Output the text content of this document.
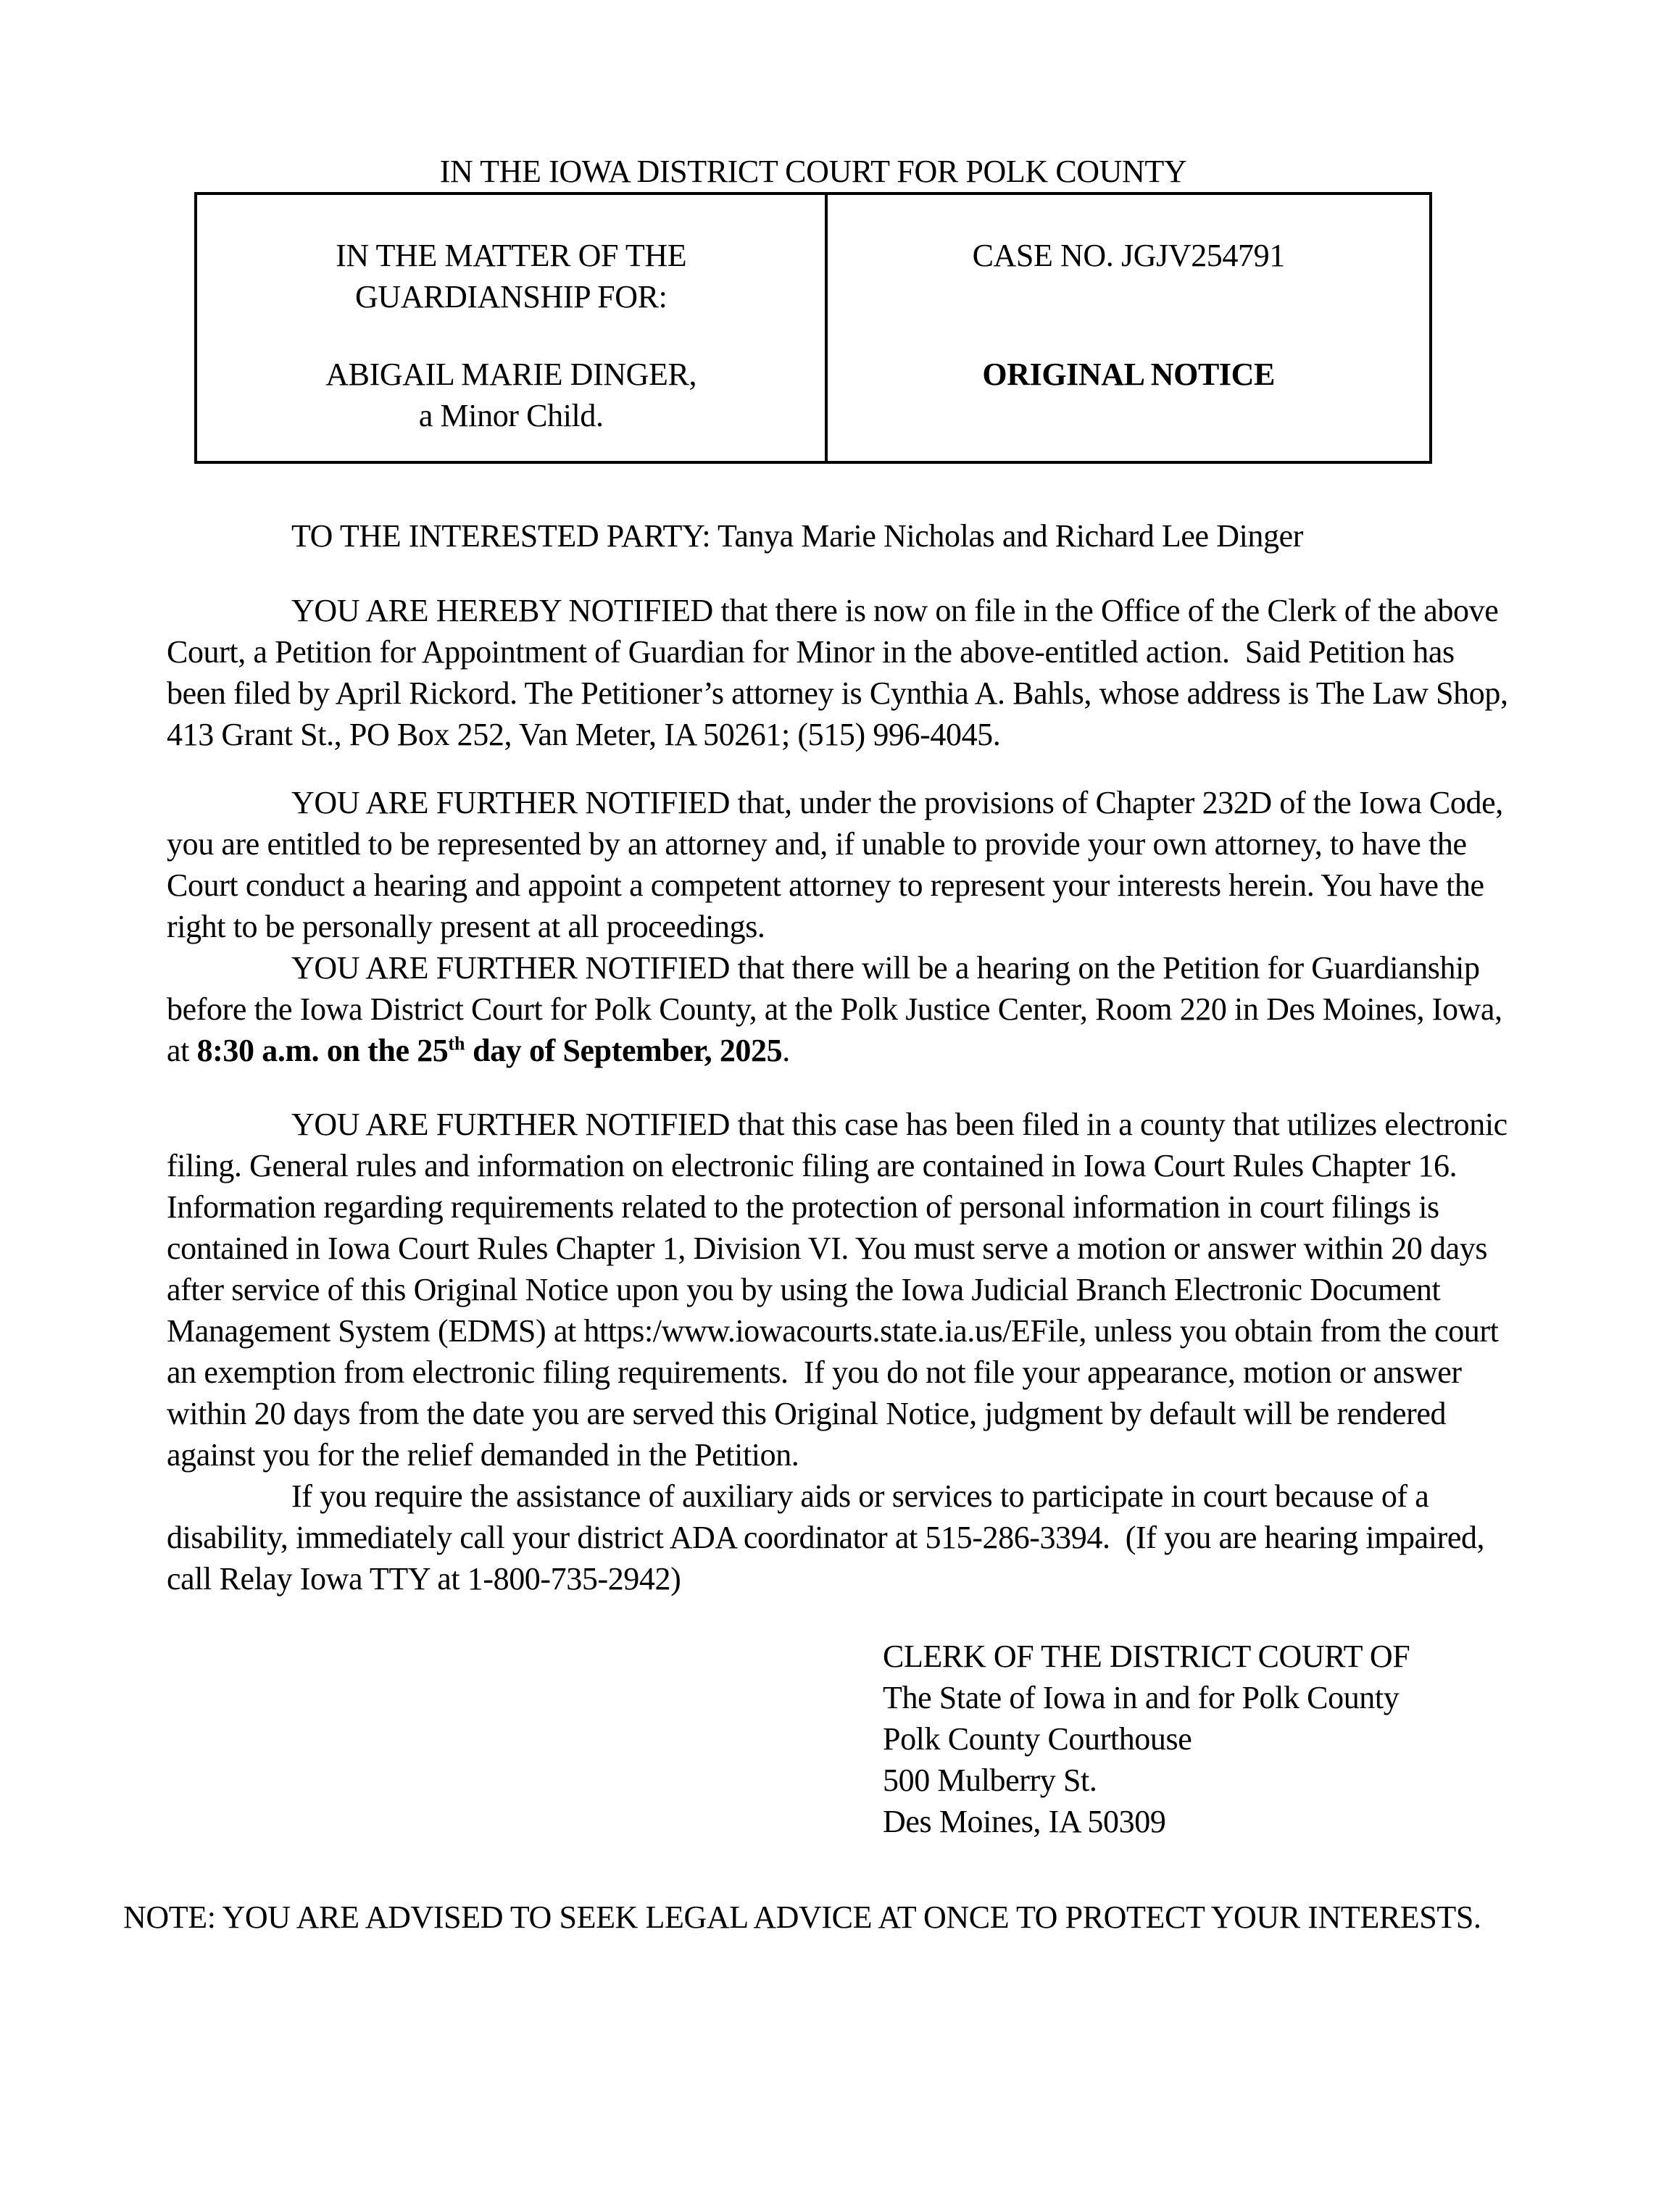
IN THE IOWA DISTRICT COURT FOR POLK COUNTY
IN THE MATTER OF THE
GUARDIANSHIP FOR:
ABIGAIL MARIE DINGER,
a Minor Child.
CASE NO. JGJV254791
ORIGINAL NOTICE

TO THE INTERESTED PARTY: Tanya Marie Nicholas and Richard Lee Dinger

YOU ARE HEREBY NOTIFIED that there is now on file in the Office of the Clerk of the above Court, a Petition for Appointment of Guardian for Minor in the above-entitled action.  Said Petition has been filed by April Rickord. The Petitioner’s attorney is Cynthia A. Bahls, whose address is The Law Shop, 413 Grant St., PO Box 252, Van Meter, IA 50261; (515) 996-4045.

YOU ARE FURTHER NOTIFIED that, under the provisions of Chapter 232D of the Iowa Code, you are entitled to be represented by an attorney and, if unable to provide your own attorney, to have the Court conduct a hearing and appoint a competent attorney to represent your interests herein. You have the right to be personally present at all proceedings.

YOU ARE FURTHER NOTIFIED that there will be a hearing on the Petition for Guardianship before the Iowa District Court for Polk County, at the Polk Justice Center, Room 220 in Des Moines, Iowa, at 8:30 a.m. on the 25th day of September, 2025.

YOU ARE FURTHER NOTIFIED that this case has been filed in a county that utilizes electronic filing. General rules and information on electronic filing are contained in Iowa Court Rules Chapter 16.  Information regarding requirements related to the protection of personal information in court filings is contained in Iowa Court Rules Chapter 1, Division VI. You must serve a motion or answer within 20 days after service of this Original Notice upon you by using the Iowa Judicial Branch Electronic Document Management System (EDMS) at https:/www.iowacourts.state.ia.us/EFile, unless you obtain from the court an exemption from electronic filing requirements.  If you do not file your appearance, motion or answer within 20 days from the date you are served this Original Notice, judgment by default will be rendered against you for the relief demanded in the Petition.

If you require the assistance of auxiliary aids or services to participate in court because of a disability, immediately call your district ADA coordinator at 515-286-3394.  (If you are hearing impaired, call Relay Iowa TTY at 1-800-735-2942)

CLERK OF THE DISTRICT COURT OF
The State of Iowa in and for Polk County
Polk County Courthouse
500 Mulberry St.
Des Moines, IA 50309
NOTE: YOU ARE ADVISED TO SEEK LEGAL ADVICE AT ONCE TO PROTECT YOUR INTERESTS.
